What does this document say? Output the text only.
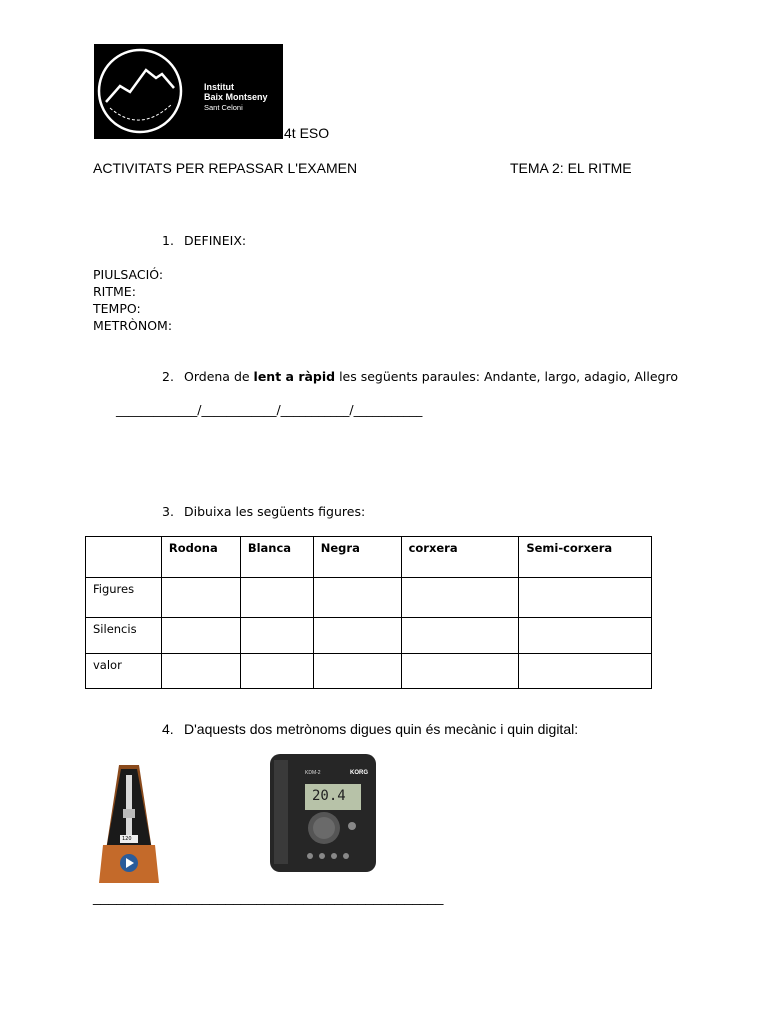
Institut
Baix Montseny
Sant Celoni
4t ESO
ACTIVITATS PER REPASSAR L'EXAMEN	TEMA 2: EL RITME
1. DEFINEIX:
PIULSACIÓ:
RITME:
TEMPO:
METRÒNOM:
2. Ordena de lent a ràpid les següents paraules: Andante, largo, adagio, Allegro
_____________/____________/___________/___________
3. Dibuixa les següents figures:
	Rodona	Blanca	Negra	corxera	Semi-corxera
Figures					
Silencis					
valor					
4. D'aquests dos metrònoms digues quin és mecànic i quin digital:
120
KORG
KDM-2
20.4
_____________________________________________
